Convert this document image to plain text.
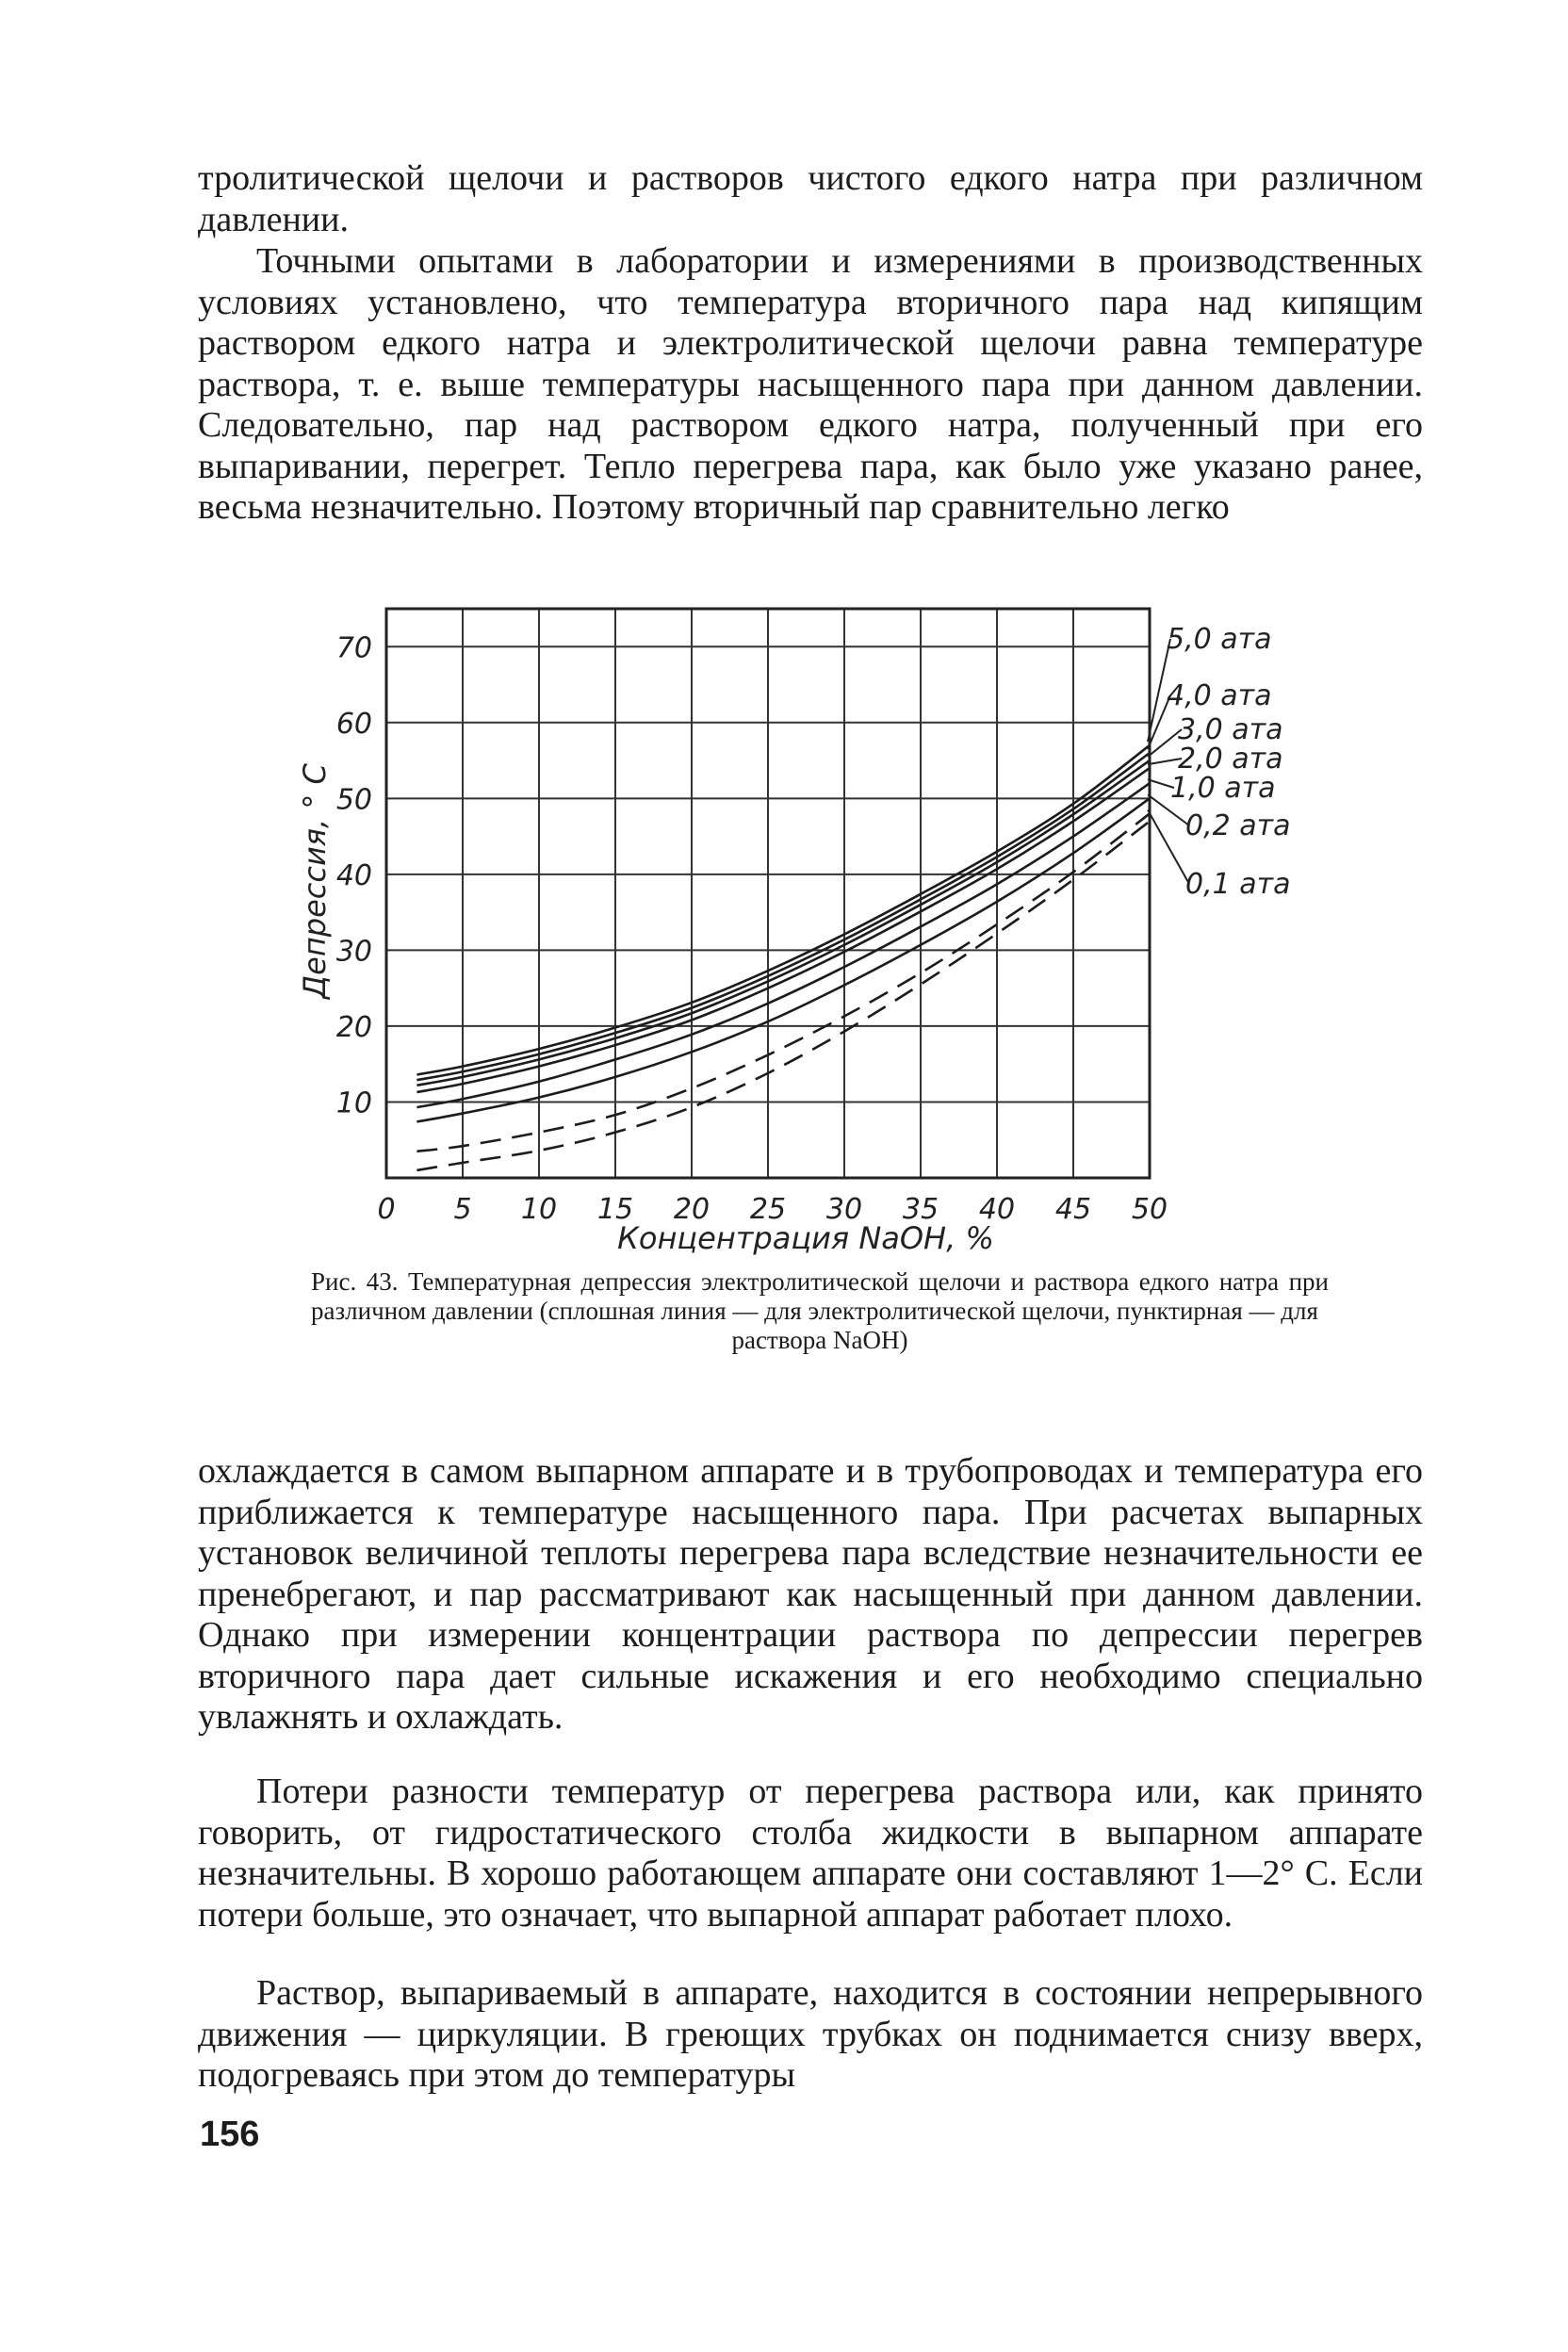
тролитической щелочи и растворов чистого едкого натра при различном давлении.

Точными опытами в лаборатории и измерениями в производственных условиях установлено, что температура вторичного пара над кипящим раствором едкого натра и электролитической щелочи равна температуре раствора, т. е. выше температуры насыщенного пара при данном давлении. Следовательно, пар над раствором едкого натра, полученный при его выпаривании, перегрет. Тепло перегрева пара, как было уже указано ранее, весьма незначительно. Поэтому вторичный пар сравнительно легко

0 5 10 15 20 25 30 35 40 45 50
10
20
30
40
50
60
70	5,0 ата
4,0 ата
3,0 ата
2,0 ата
1,0 ата
0,2 ата
0,1 ата
Концентрация NaOH, %
Депрессия, ° С

Рис. 43. Температурная депрессия электролитической щелочи и раствора едкого натра при различном давлении (сплошная линия — для электролитической щелочи, пунктирная — для
раствора NaOH)

охлаждается в самом выпарном аппарате и в трубопроводах и температура его приближается к температуре насыщенного пара. При расчетах выпарных установок величиной теплоты перегрева пара вследствие незначительности ее пренебрегают, и пар рассматривают как насыщенный при данном давлении. Однако при измерении концентрации раствора по депрессии перегрев вторичного пара дает сильные искажения и его необходимо специально увлажнять и охлаждать.

Потери разности температур от перегрева раствора или, как принято говорить, от гидростатического столба жидкости в выпарном аппарате незначительны. В хорошо работающем аппарате они составляют 1—2° С. Если потери больше, это означает, что выпарной аппарат работает плохо.

Раствор, выпариваемый в аппарате, находится в состоянии непрерывного движения — циркуляции. В греющих трубках он поднимается снизу вверх, подогреваясь при этом до температуры

156
